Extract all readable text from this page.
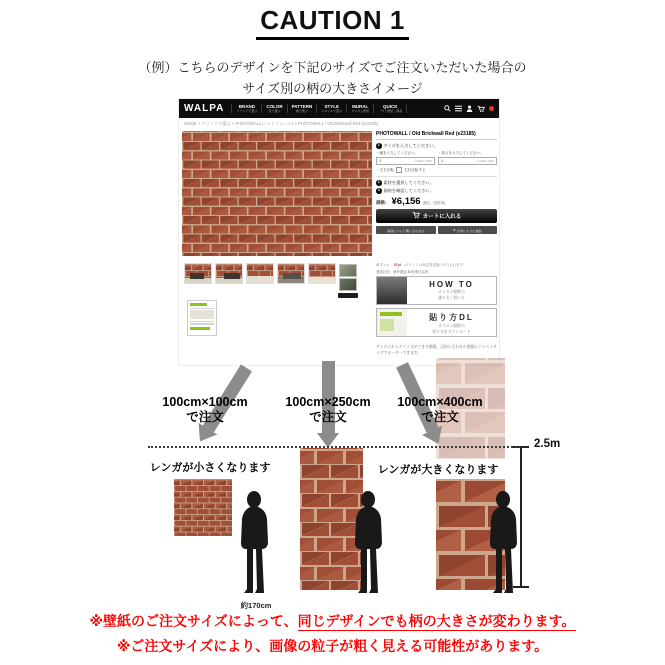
CAUTION 1
（例）こちらのデザインを下記のサイズでご注文いただいた場合の
サイズ別の柄の大きさイメージ
WALPA	BRAND
ブランドで選ぶ
COLOR
色で選ぶ
PATTERN
柄で選ぶ
STYLE
スタイルで選ぶ
MURAL
カスタム壁紙
QUICK
「すぐ壁紙」商品
HOME > ブランドで選ぶ > PHOTOWALL(フォトウォール) > PHOTOWALL / Old Brickwall Red (e23185)
PHOTOWALL / Old Brickwall Red (e23185)
1 サイズを入力してください。
・幅を入力してください。
1	cm(Max.400)
・高さを入力してください。
1	cm(Max.400)
・左右反転	左右反転する
2 素材を選択してください。
3 価格を確認してください。
価格： ¥6,156 (税込・送料別)
カートに入れる
商品について問い合わせる	★ お気に入りに追加
ポイント： 57pt （ポイントは商品発送後に付与されます）
発送目安：海外発送 40営業日以内
HOW TO
カスタム壁紙の
測り方・買い方
貼り方DL
カスタム壁紙の
貼り方をダウンロード
サイズのカスタマイズができる壁紙。目的に合わせた壁面にジャストサイズでオーダーできます。
100cm×100cm
で注文
100cm×250cm
で注文
100cm×400cm
で注文
2.5m
レンガが小さくなります	レンガが大きくなります
約170cm
※壁紙のご注文サイズによって、同じデザインでも柄の大きさが変わります。
※ご注文サイズにより、画像の粒子が粗く見える可能性があります。
